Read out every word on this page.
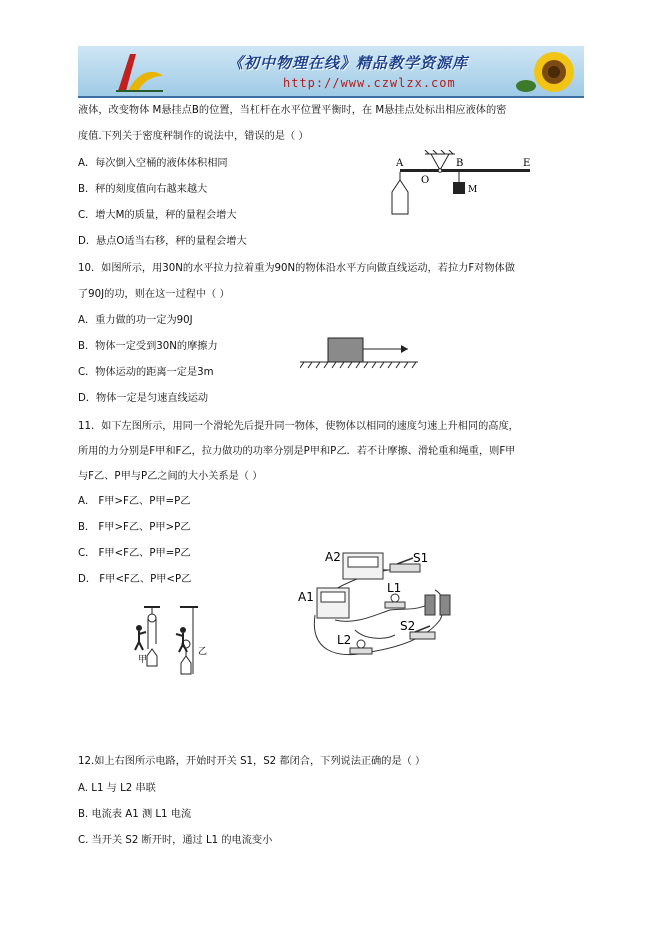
《初中物理在线》精品教学资源库
http://www.czwlzx.com
液体，改变物体 M悬挂点B的位置，当杠杆在水平位置平衡时，在 M悬挂点处标出相应液体的密
度值.下列关于密度秤制作的说法中，错误的是（ ）
A．每次倒入空桶的液体体积相同
B．秤的刻度值向右越来越大
C．增大M的质量，秤的量程会增大
D．悬点O适当右移，秤的量程会增大
A
O
B	E
M
10．如图所示，用30N的水平拉力拉着重为90N的物体沿水平方向做直线运动，若拉力F对物体做
了90J的功，则在这一过程中（ ）
A．重力做的功一定为90J
B．物体一定受到30N的摩擦力
C．物体运动的距离一定是3m
D．物体一定是匀速直线运动
11．如下左图所示，用同一个滑轮先后提升同一物体，使物体以相同的速度匀速上升相同的高度，
所用的力分别是F甲和F乙，拉力做功的功率分别是P甲和P乙．若不计摩擦、滑轮重和绳重，则F甲
与F乙、P甲与P乙之间的大小关系是（ ）
A． F甲>F乙、P甲=P乙
B． F甲>F乙、P甲>P乙
C． F甲<F乙、P甲=P乙
D． F甲<F乙、P甲<P乙
甲
乙
A2
A1
S1
L1
S2
L2
12.如上右图所示电路，开始时开关 S1，S2 都闭合，下列说法正确的是（ ）
A. L1 与 L2 串联
B. 电流表 A1 测 L1 电流
C. 当开关 S2 断开时，通过 L1 的电流变小
